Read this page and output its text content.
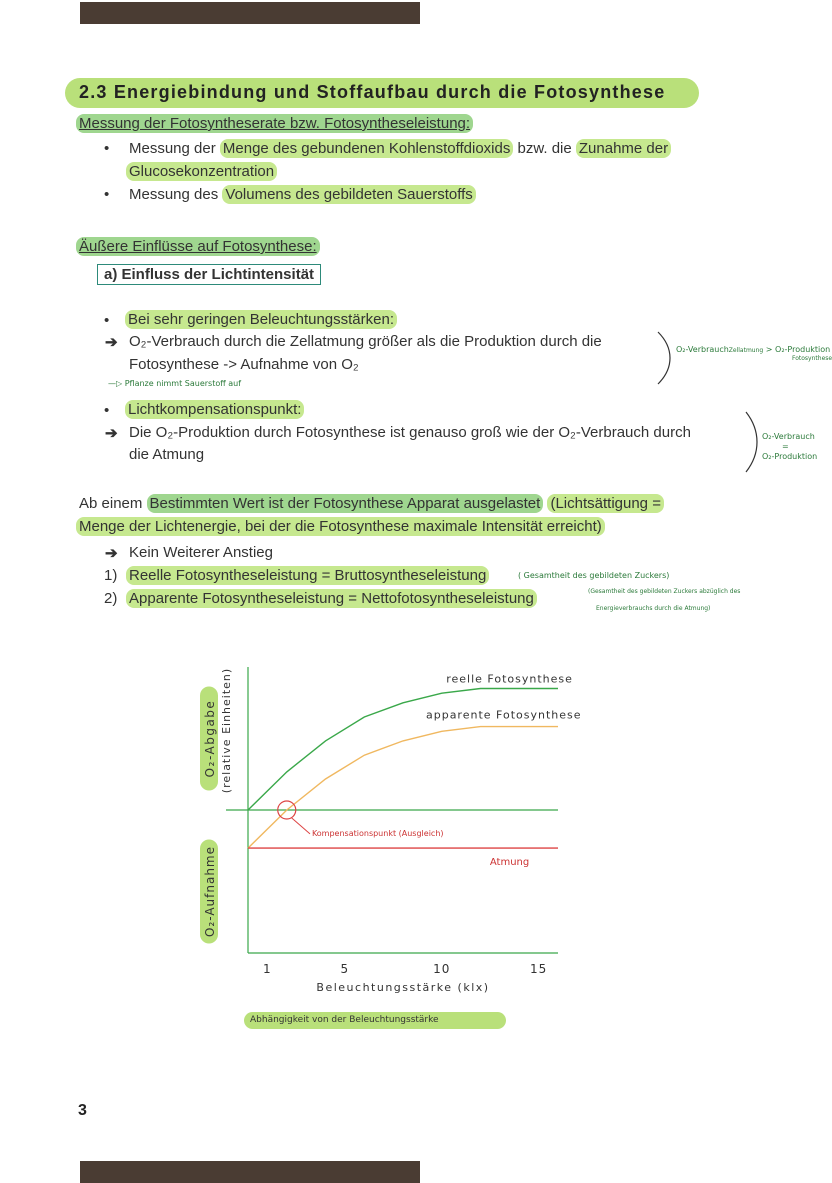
2.3 Energiebindung und Stoffaufbau durch die Fotosynthese
Messung der Fotosyntheserate bzw. Fotosyntheseleistung:
• Messung der Menge des gebundenen Kohlenstoffdioxids bzw. die Zunahme der
Glucosekonzentration
• Messung des Volumens des gebildeten Sauerstoffs
Äußere Einflüsse auf Fotosynthese:
a) Einfluss der Lichtintensität
• Bei sehr geringen Beleuchtungsstärken:
➔ O₂-Verbrauch durch die Zellatmung größer als die Produktion durch die
Fotosynthese -> Aufnahme von O₂
—▷ Pflanze nimmt Sauerstoff auf
O₂-VerbrauchZellatmung > O₂-Produktion
Fotosynthese
• Lichtkompensationspunkt:
➔ Die O₂-Produktion durch Fotosynthese ist genauso groß wie der O₂-Verbrauch durch
die Atmung
O₂-Verbrauch
=
O₂-Produktion
Ab einem Bestimmten Wert ist der Fotosynthese Apparat ausgelastet (Lichtsättigung =
Menge der Lichtenergie, bei der die Fotosynthese maximale Intensität erreicht)
➔ Kein Weiterer Anstieg
1) Reelle Fotosyntheseleistung = Bruttosyntheseleistung	( Gesamtheit des gebildeten Zuckers)
2) Apparente Fotosyntheseleistung = Nettofotosyntheseleistung	(Gesamtheit des gebildeten Zuckers abzüglich des
Energieverbrauchs durch die Atmung)
1	5	10	15
reelle Fotosynthese
apparente Fotosynthese
Kompensationspunkt (Ausgleich)
Atmung
Beleuchtungsstärke (klx)
O₂-Abgabe (relative Einheiten)
O₂-Aufnahme
Abhängigkeit von der Beleuchtungsstärke
3
